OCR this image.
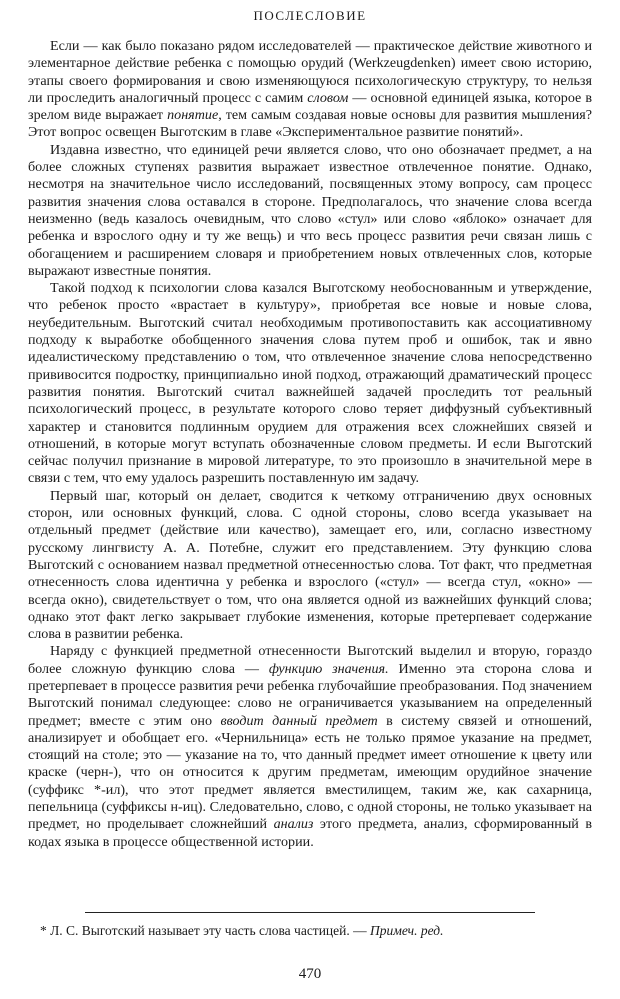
ПОСЛЕСЛОВИЕ

Если — как было показано рядом исследователей — практическое действие животного и элементарное действие ребенка с помощью орудий (Werkzeugdenken) имеет свою историю, этапы своего формирования и свою изменяющуюся психологическую структуру, то нельзя ли проследить аналогичный процесс с самим словом — основной единицей языка, которое в зрелом виде выражает понятие, тем самым создавая новые основы для развития мышления? Этот вопрос освещен Выготским в главе «Экспериментальное развитие понятий».

Издавна известно, что единицей речи является слово, что оно обозначает предмет, а на более сложных ступенях развития выражает известное отвлеченное понятие. Однако, несмотря на значительное число исследований, посвященных этому вопросу, сам процесс развития значения слова оставался в стороне. Предполагалось, что значение слова всегда неизменно (ведь казалось очевидным, что слово «стул» или слово «яблоко» означает для ребенка и взрослого одну и ту же вещь) и что весь процесс развития речи связан лишь с обогащением и расширением словаря и приобретением новых отвлеченных слов, которые выражают известные понятия.

Такой подход к психологии слова казался Выготскому необоснованным и утверждение, что ребенок просто «врастает в культуру», приобретая все новые и новые слова, неубедительным. Выготский считал необходимым противопоставить как ассоциативному подходу к выработке обобщенного значения слова путем проб и ошибок, так и явно идеалистическому представлению о том, что отвлеченное значение слова непосредственно прививосится подростку, принципиально иной подход, отражающий драматический процесс развития понятия. Выготский считал важнейшей задачей проследить тот реальный психологический процесс, в результате которого слово теряет диффузный субъективный характер и становится подлинным орудием для отражения всех сложнейших связей и отношений, в которые могут вступать обозначенные словом предметы. И если Выготский сейчас получил признание в мировой литературе, то это произошло в значительной мере в связи с тем, что ему удалось разрешить поставленную им задачу.

Первый шаг, который он делает, сводится к четкому отграничению двух основных сторон, или основных функций, слова. С одной стороны, слово всегда указывает на отдельный предмет (действие или качество), замещает его, или, согласно известному русскому лингвисту А. А. Потебне, служит его представлением. Эту функцию слова Выготский с основанием назвал предметной отнесенностью слова. Тот факт, что предметная отнесенность слова идентична у ребенка и взрослого («стул» — всегда стул, «окно» — всегда окно), свидетельствует о том, что она является одной из важнейших функций слова; однако этот факт легко закрывает глубокие изменения, которые претерпевает содержание слова в развитии ребенка.

Наряду с функцией предметной отнесенности Выготский выделил и вторую, гораздо более сложную функцию слова — функцию значения. Именно эта сторона слова и претерпевает в процессе развития речи ребенка глубочайшие преобразования. Под значением Выготский понимал следующее: слово не ограничивается указыванием на определенный предмет; вместе с этим оно вводит данный предмет в систему связей и отношений, анализирует и обобщает его. «Чернильница» есть не только прямое указание на предмет, стоящий на столе; это — указание на то, что данный предмет имеет отношение к цвету или краске (черн-), что он относится к другим предметам, имеющим орудийное значение (суффикс *-ил), что этот предмет является вместилищем, таким же, как сахарница, пепельница (суффиксы н-иц). Следовательно, слово, с одной стороны, не только указывает на предмет, но проделывает сложнейший анализ этого предмета, анализ, сформированный в кодах языка в процессе общественной истории.

* Л. С. Выготский называет эту часть слова частицей. — Примеч. ред.
470
